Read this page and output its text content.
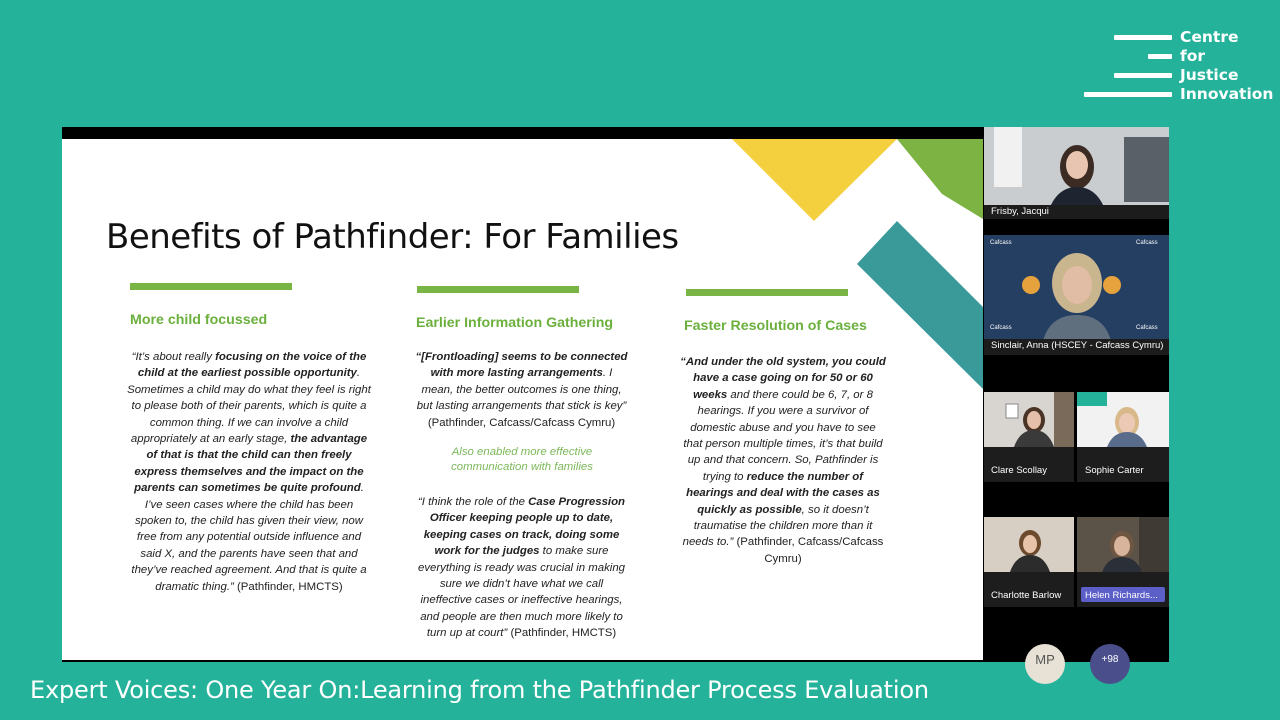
Centre
for
Justice
Innovation
Benefits of Pathfinder: For Families
More child focussed
“It’s about really focusing on the voice of the child at the earliest possible opportunity. Sometimes a child may do what they feel is right to please both of their parents, which is quite a common thing. If we can involve a child appropriately at an early stage, the advantage of that is that the child can then freely express themselves and the impact on the parents can sometimes be quite profound. I’ve seen cases where the child has been spoken to, the child has given their view, now free from any potential outside influence and said X, and the parents have seen that and they’ve reached agreement. And that is quite a dramatic thing.” (Pathfinder, HMCTS)
Earlier Information Gathering
“[Frontloading] seems to be connected with more lasting arrangements. I mean, the better outcomes is one thing, but lasting arrangements that stick is key” (Pathfinder, Cafcass/Cafcass Cymru)
Also enabled more effective communication with families
“I think the role of the Case Progression Officer keeping people up to date, keeping cases on track, doing some work for the judges to make sure everything is ready was crucial in making sure we didn’t have what we call ineffective cases or ineffective hearings, and people are then much more likely to turn up at court” (Pathfinder, HMCTS)
Faster Resolution of Cases
“And under the old system, you could have a case going on for 50 or 60 weeks and there could be 6, 7, or 8 hearings. If you were a survivor of domestic abuse and you have to see that person multiple times, it’s that build up and that concern. So, Pathfinder is trying to reduce the number of hearings and deal with the cases as quickly as possible, so it doesn’t traumatise the children more than it needs to.” (Pathfinder, Cafcass/Cafcass Cymru)
Frisby, Jacqui
Cafcass	Cafcass
Cafcass	Cafcass
Sinclair, Anna (HSCEY - Cafcass Cymru)
Clare Scollay	Sophie Carter
Charlotte Barlow	Helen Richards...
MP	+98
Expert Voices: One Year On:Learning from the Pathfinder Process Evaluation
